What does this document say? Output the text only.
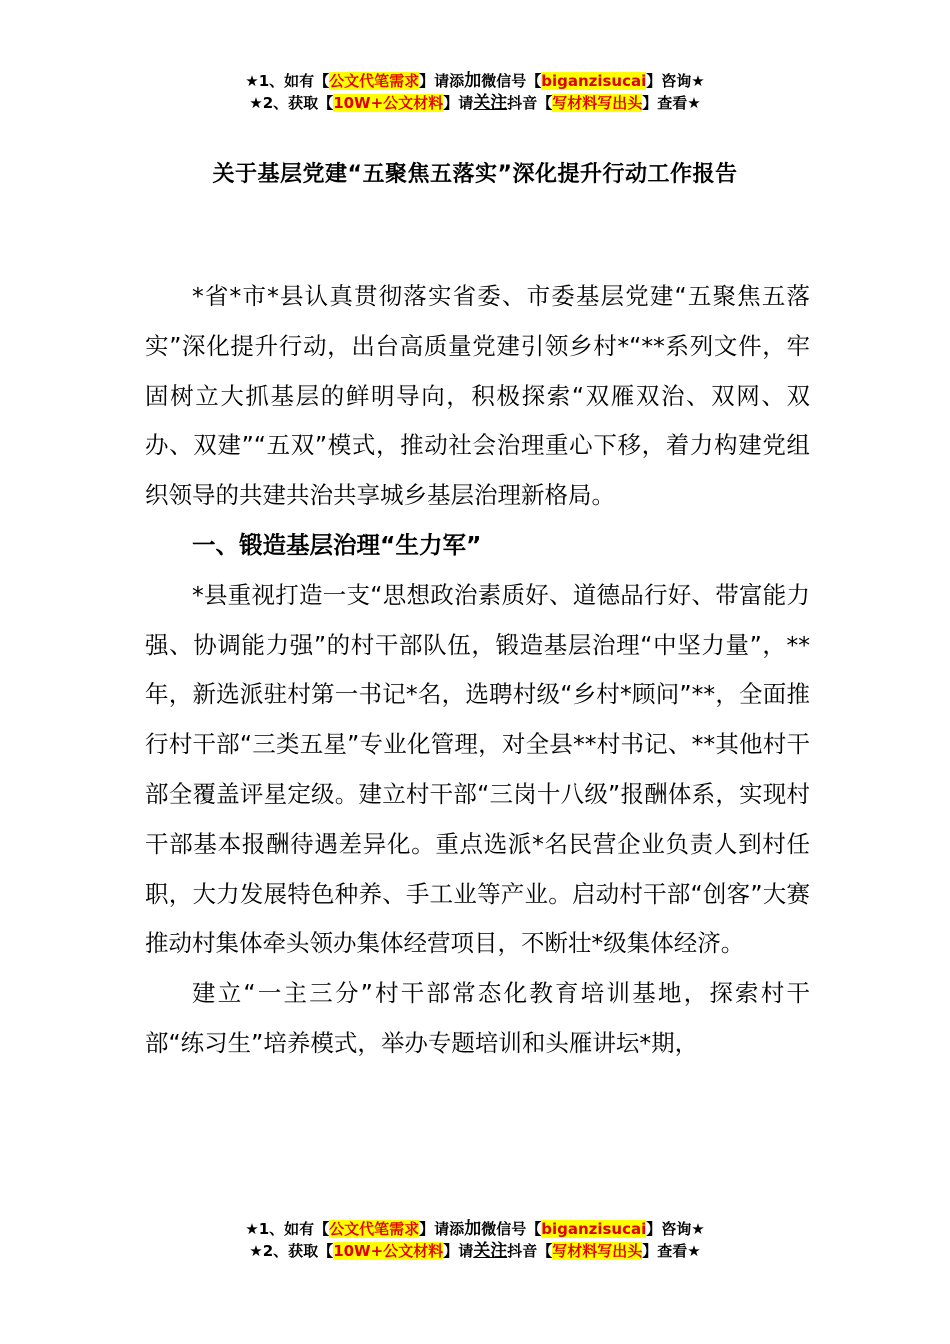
★1、如有【公文代笔需求】请添加微信号【biganzisucai】咨询★
★2、获取【10W+公文材料】请关注抖音【写材料写出头】查看★
关于基层党建“五聚焦五落实”深化提升行动工作报告

*省*市*县认真贯彻落实省委、市委基层党建“五聚焦五落实”深化提升行动，出台高质量党建引领乡村*“**系列文件，牢固树立大抓基层的鲜明导向，积极探索“双雁双治、双网、双办、双建”“五双”模式，推动社会治理重心下移，着力构建党组织领导的共建共治共享城乡基层治理新格局。

一、锻造基层治理“生力军”

*县重视打造一支“思想政治素质好、道德品行好、带富能力强、协调能力强”的村干部队伍，锻造基层治理“中坚力量”，**年，新选派驻村第一书记*名，选聘村级“乡村*顾问”**，全面推行村干部“三类五星”专业化管理，对全县**村书记、**其他村干部全覆盖评星定级。建立村干部“三岗十八级”报酬体系，实现村干部基本报酬待遇差异化。重点选派*名民营企业负责人到村任职，大力发展特色种养、手工业等产业。启动村干部“创客”大赛推动村集体牵头领办集体经营项目，不断壮*级集体经济。

建立“一主三分”村干部常态化教育培训基地，探索村干部“练习生”培养模式，举办专题培训和头雁讲坛*期，

★1、如有【公文代笔需求】请添加微信号【biganzisucai】咨询★
★2、获取【10W+公文材料】请关注抖音【写材料写出头】查看★
